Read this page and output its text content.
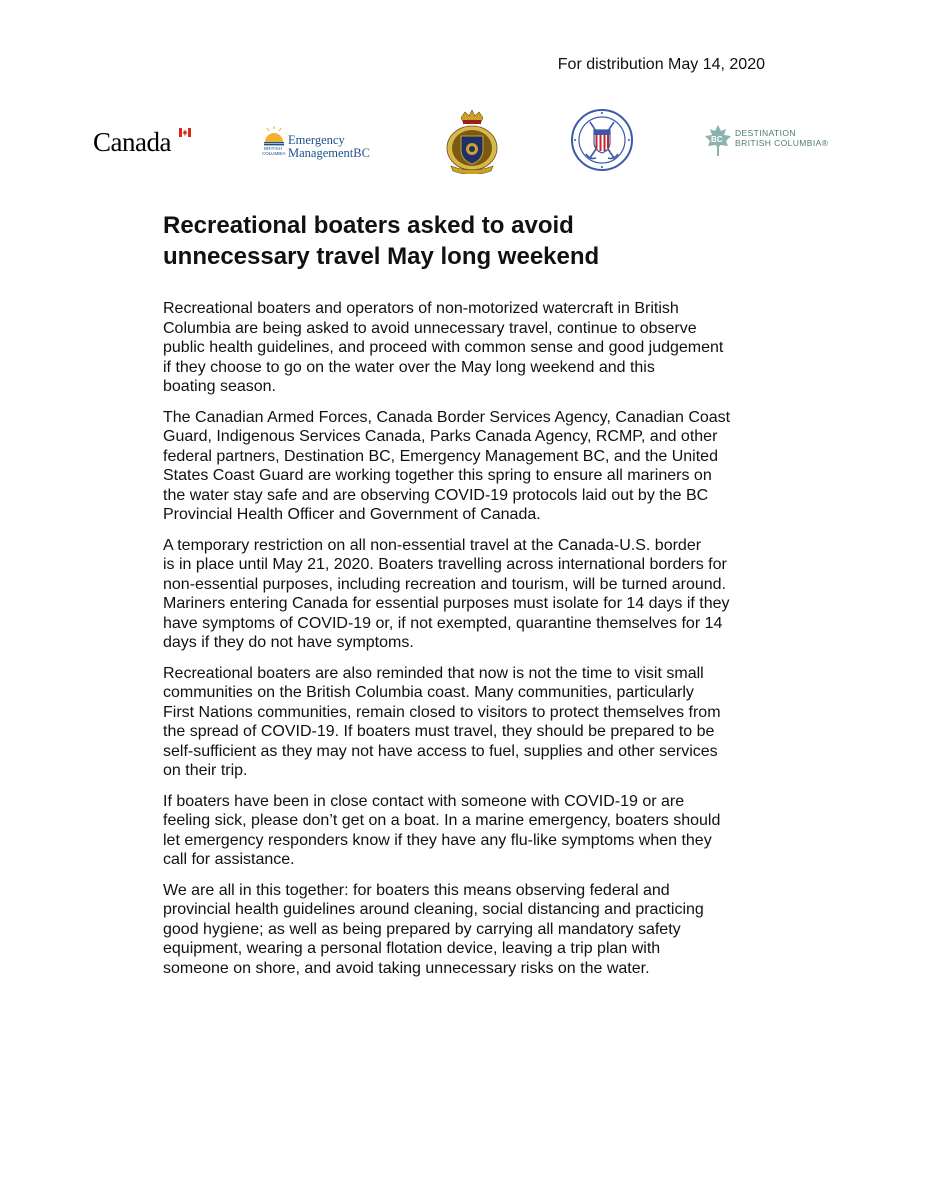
For distribution May 14, 2020
Canada	BRITISH
COLUMBIA
Emergency
ManagementBC
BC
DESTINATION
BRITISH COLUMBIA®
Recreational boaters asked to avoid
unnecessary travel May long weekend

Recreational boaters and operators of non-motorized watercraft in British
Columbia are being asked to avoid unnecessary travel, continue to observe
public health guidelines, and proceed with common sense and good judgement
if they choose to go on the water over the May long weekend and this
boating season.

The Canadian Armed Forces, Canada Border Services Agency, Canadian Coast
Guard, Indigenous Services Canada, Parks Canada Agency, RCMP, and other
federal partners, Destination BC, Emergency Management BC, and the United
States Coast Guard are working together this spring to ensure all mariners on
the water stay safe and are observing COVID-19 protocols laid out by the BC
Provincial Health Officer and Government of Canada.

A temporary restriction on all non-essential travel at the Canada-U.S. border
is in place until May 21, 2020. Boaters travelling across international borders for
non-essential purposes, including recreation and tourism, will be turned around.
Mariners entering Canada for essential purposes must isolate for 14 days if they
have symptoms of COVID-19 or, if not exempted, quarantine themselves for 14
days if they do not have symptoms.

Recreational boaters are also reminded that now is not the time to visit small
communities on the British Columbia coast. Many communities, particularly
First Nations communities, remain closed to visitors to protect themselves from
the spread of COVID-19. If boaters must travel, they should be prepared to be
self-sufficient as they may not have access to fuel, supplies and other services
on their trip.

If boaters have been in close contact with someone with COVID-19 or are
feeling sick, please don’t get on a boat. In a marine emergency, boaters should
let emergency responders know if they have any flu-like symptoms when they
call for assistance.

We are all in this together: for boaters this means observing federal and
provincial health guidelines around cleaning, social distancing and practicing
good hygiene; as well as being prepared by carrying all mandatory safety
equipment, wearing a personal flotation device, leaving a trip plan with
someone on shore, and avoid taking unnecessary risks on the water.
